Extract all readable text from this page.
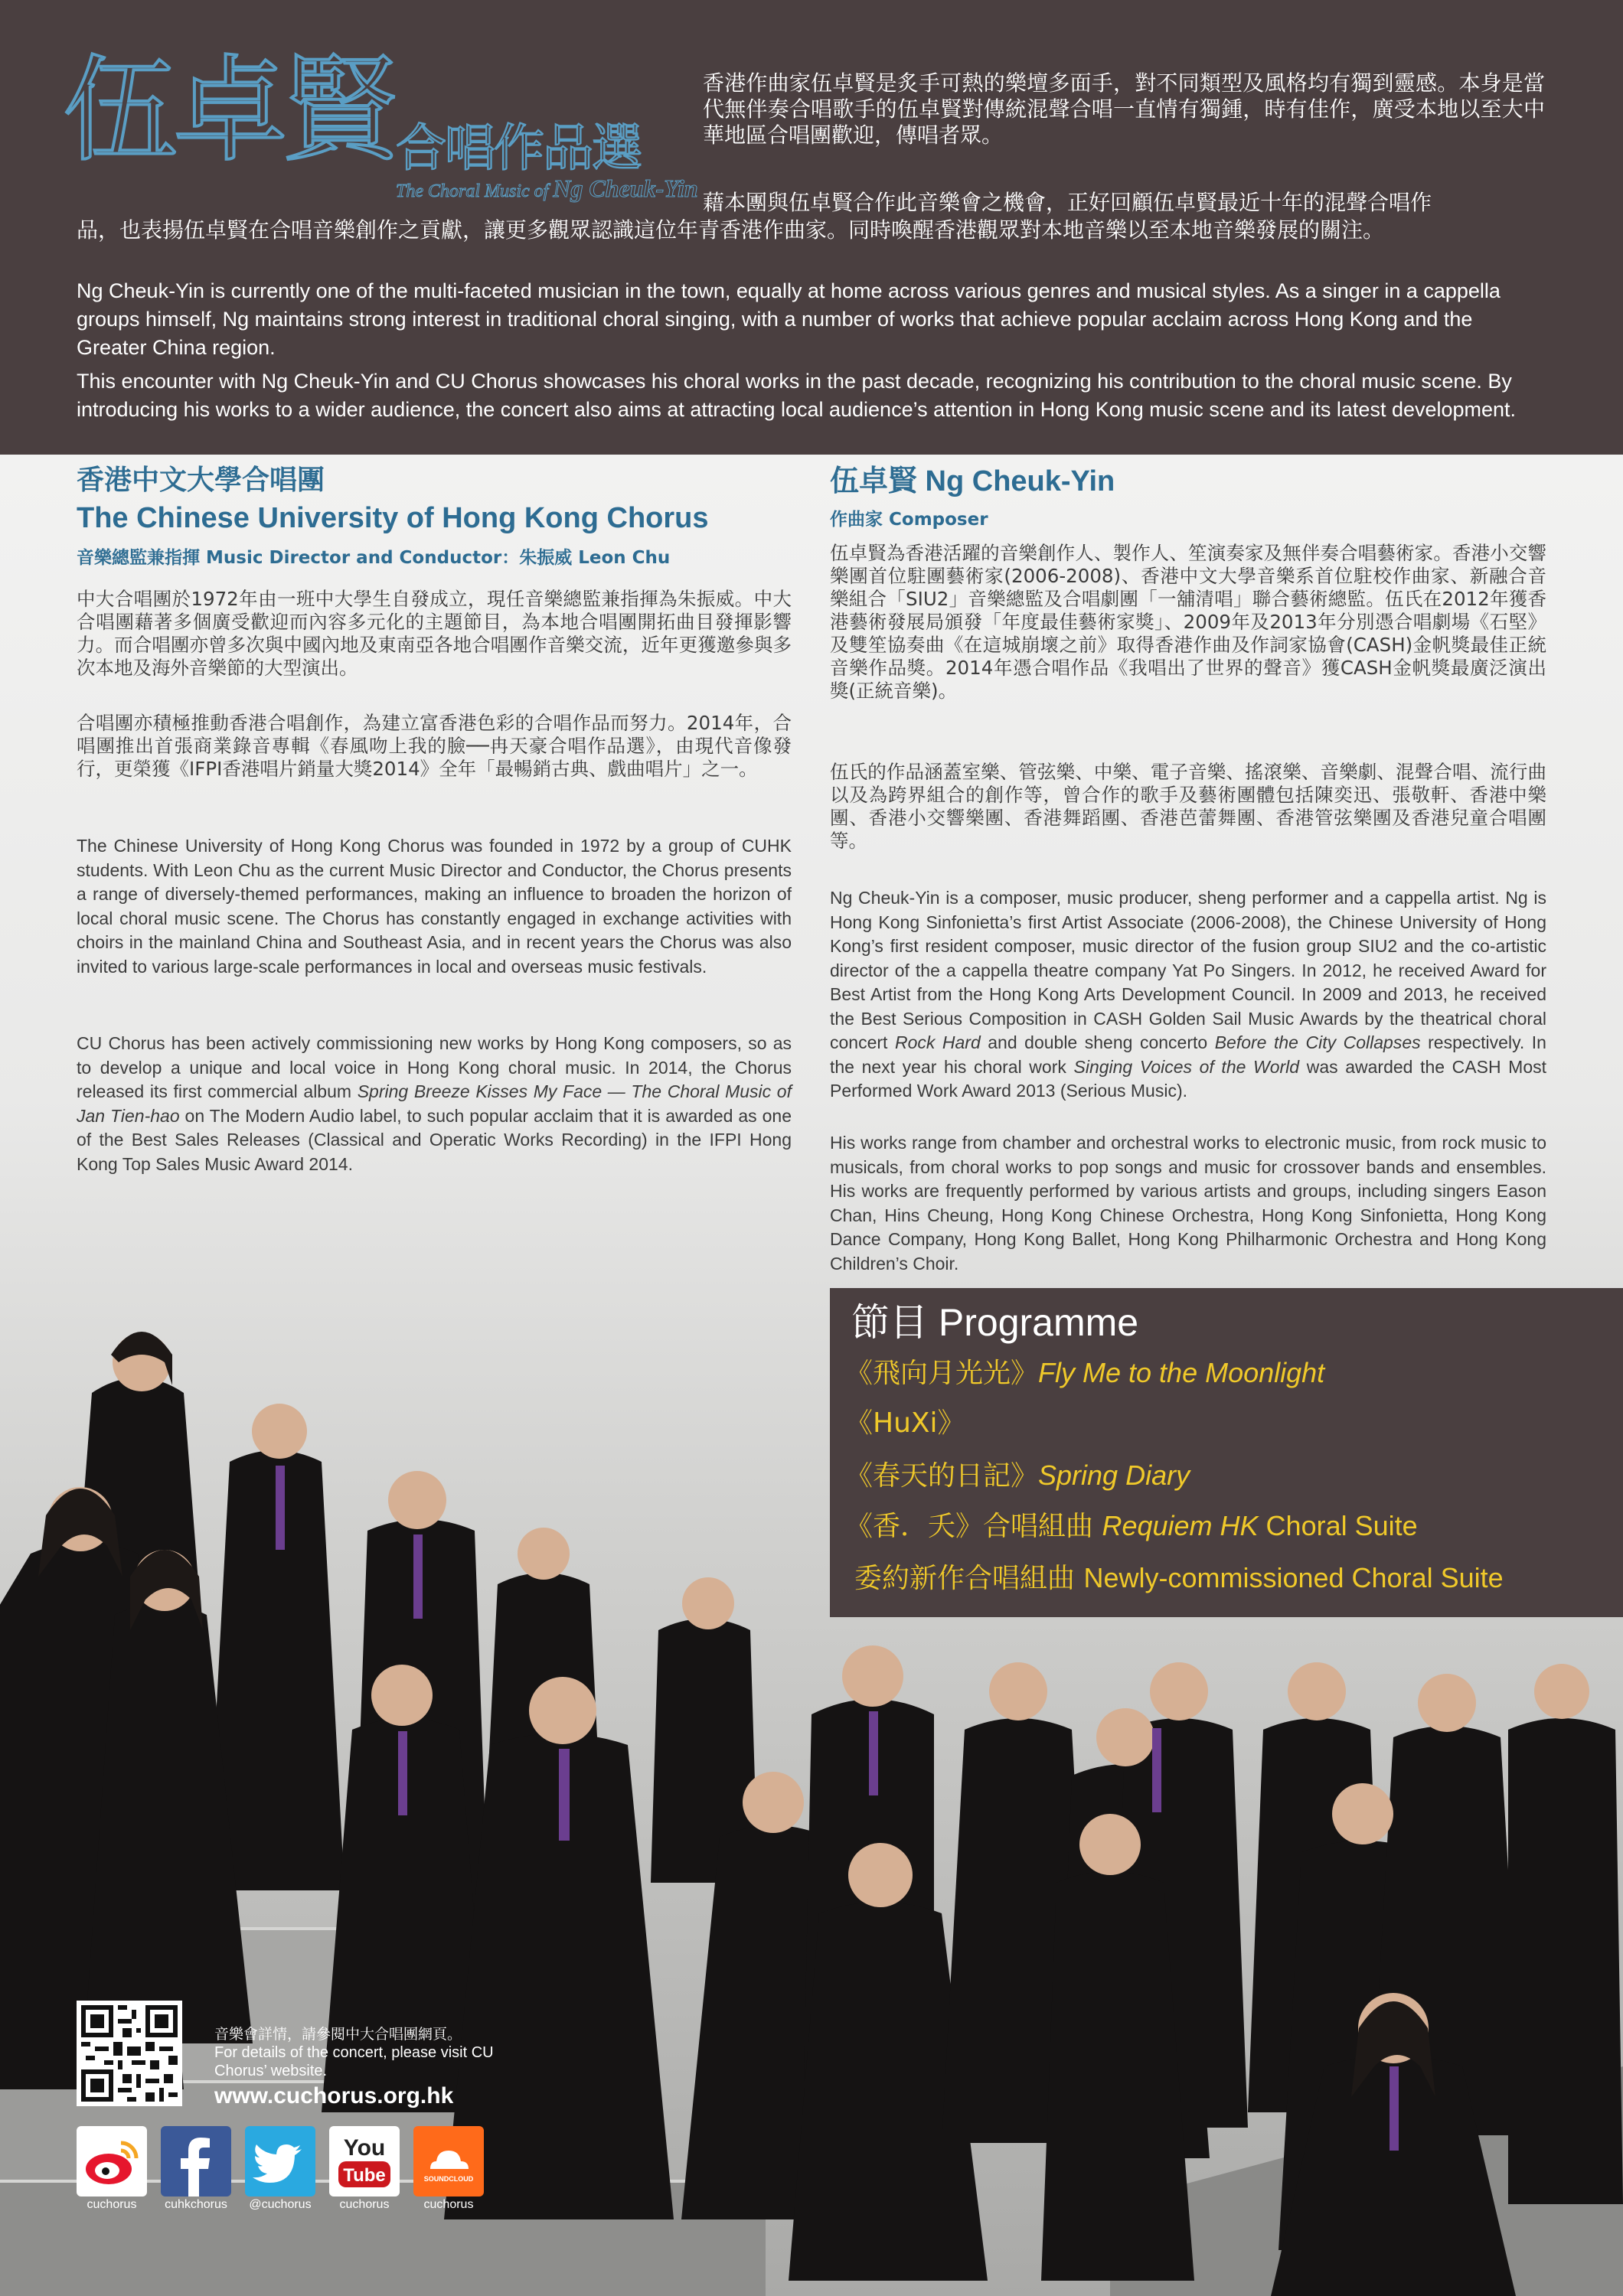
伍卓賢 合唱作品選
The Choral Music of Ng Cheuk-Yin

香港作曲家伍卓賢是炙手可熱的樂壇多面手，對不同類型及風格均有獨到靈感。本身是當代無伴奏合唱歌手的伍卓賢對傳統混聲合唱一直情有獨鍾，時有佳作，廣受本地以至大中華地區合唱團歡迎，傳唱者眾。

藉本團與伍卓賢合作此音樂會之機會，正好回顧伍卓賢最近十年的混聲合唱作

品，也表揚伍卓賢在合唱音樂創作之貢獻，讓更多觀眾認識這位年青香港作曲家。同時喚醒香港觀眾對本地音樂以至本地音樂發展的關注。

Ng Cheuk-Yin is currently one of the multi-faceted musician in the town, equally at home across various genres and musical styles. As a singer in a cappella groups himself, Ng maintains strong interest in traditional choral singing, with a number of works that achieve popular acclaim across Hong Kong and the Greater China region.

This encounter with Ng Cheuk-Yin and CU Chorus showcases his choral works in the past decade, recognizing his contribution to the choral music scene. By introducing his works to a wider audience, the concert also aims at attracting local audience’s attention in Hong Kong music scene and its latest development.

香港中文大學合唱團

The Chinese University of Hong Kong Chorus

音樂總監兼指揮 Music Director and Conductor：朱振威 Leon Chu

中大合唱團於1972年由一班中大學生自發成立，現任音樂總監兼指揮為朱振威。中大合唱團藉著多個廣受歡迎而內容多元化的主題節目，為本地合唱團開拓曲目發揮影響力。而合唱團亦曾多次與中國內地及東南亞各地合唱團作音樂交流，近年更獲邀參與多次本地及海外音樂節的大型演出。

合唱團亦積極推動香港合唱創作，為建立富香港色彩的合唱作品而努力。2014年，合唱團推出首張商業錄音專輯《春風吻上我的臉──冉天豪合唱作品選》，由現代音像發行，更榮獲《IFPI香港唱片銷量大獎2014》全年「最暢銷古典、戲曲唱片」之一。

The Chinese University of Hong Kong Chorus was founded in 1972 by a group of CUHK students. With Leon Chu as the current Music Director and Conductor, the Chorus presents a range of diversely-themed performances, making an influence to broaden the horizon of local choral music scene. The Chorus has constantly engaged in exchange activities with choirs in the mainland China and Southeast Asia, and in recent years the Chorus was also invited to various large-scale performances in local and overseas music festivals.

CU Chorus has been actively commissioning new works by Hong Kong composers, so as to develop a unique and local voice in Hong Kong choral music. In 2014, the Chorus released its first commercial album Spring Breeze Kisses My Face — The Choral Music of Jan Tien-hao on The Modern Audio label, to such popular acclaim that it is awarded as one of the Best Sales Releases (Classical and Operatic Works Recording) in the IFPI Hong Kong Top Sales Music Award 2014.

伍卓賢 Ng Cheuk-Yin

作曲家 Composer

伍卓賢為香港活躍的音樂創作人、製作人、笙演奏家及無伴奏合唱藝術家。香港小交響樂團首位駐團藝術家(2006-2008)、香港中文大學音樂系首位駐校作曲家、新融合音樂組合「SIU2」音樂總監及合唱劇團「一舖清唱」聯合藝術總監。伍氏在2012年獲香港藝術發展局頒發「年度最佳藝術家獎」、2009年及2013年分別憑合唱劇場《石堅》及雙笙協奏曲《在這城崩壞之前》取得香港作曲及作詞家協會(CASH)金帆獎最佳正統音樂作品獎。2014年憑合唱作品《我唱出了世界的聲音》獲CASH金帆獎最廣泛演出獎(正統音樂)。

伍氏的作品涵蓋室樂、管弦樂、中樂、電子音樂、搖滾樂、音樂劇、混聲合唱、流行曲以及為跨界組合的創作等，曾合作的歌手及藝術團體包括陳奕迅、張敬軒、香港中樂團、香港小交響樂團、香港舞蹈團、香港芭蕾舞團、香港管弦樂團及香港兒童合唱團等。

Ng Cheuk-Yin is a composer, music producer, sheng performer and a cappella artist. Ng is Hong Kong Sinfonietta’s first Artist Associate (2006-2008), the Chinese University of Hong Kong’s first resident composer, music director of the fusion group SIU2 and the co-artistic director of the a cappella theatre company Yat Po Singers. In 2012, he received Award for Best Artist from the Hong Kong Arts Development Council. In 2009 and 2013, he received the Best Serious Composition in CASH Golden Sail Music Awards by the theatrical choral concert Rock Hard and double sheng concerto Before the City Collapses respectively. In the next year his choral work Singing Voices of the World was awarded the CASH Most Performed Work Award 2013 (Serious Music).

His works range from chamber and orchestral works to electronic music, from rock music to musicals, from choral works to pop songs and music for crossover bands and ensembles. His works are frequently performed by various artists and groups, including singers Eason Chan, Hins Cheung, Hong Kong Chinese Orchestra, Hong Kong Sinfonietta, Hong Kong Dance Company, Hong Kong Ballet, Hong Kong Philharmonic Orchestra and Hong Kong Children’s Choir.

節目 Programme

《飛向月光光》Fly Me to the Moonlight

《HuXi》

《春天的日記》Spring Diary

《香．夭》合唱組曲 Requiem HK Choral Suite

委約新作合唱組曲 Newly-commissioned Choral Suite

音樂會詳情，請參閱中大合唱團網頁。

For details of the concert, please visit CU Chorus’ website.

www.cuchorus.org.hk

You
Tube	SOUNDCLOUD

cuchorus	cuhkchorus	@cuchorus	cuchorus	cuchorus
